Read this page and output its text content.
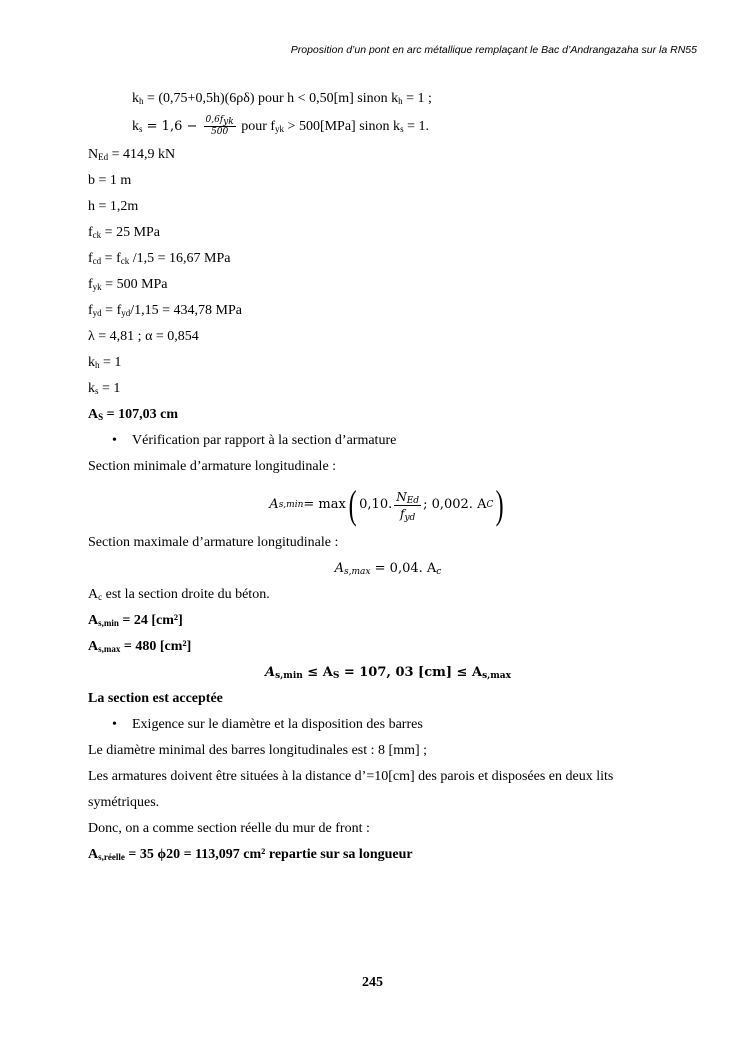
Proposition d’un pont en arc métallique remplaçant le Bac d’Andrangazaha sur la RN55
$k_h = (0,75+0,5h)(6\rho\delta)$ pour h < 0,50[m] sinon $k_h = 1$ ;
$k_s = 1,6 - \frac{0,6f_{yk}}{500}$ pour $f_{yk} > 500[MPa]$ sinon $k_s = 1$.
$N_{Ed} = 414,9$ kN
b = 1 m
h = 1,2m
$f_{ck} = 25$ MPa
$f_{cd} = f_{ck}$ /1,5 = 16,67 MPa
$f_{yk} = 500$ MPa
$f_{yd} = f_{yd}/1,15 = 434,78$ MPa
λ = 4,81 ; α = 0,854
$k_h = 1$
$k_s = 1$
$A_S = 107,03$ cm
• Vérification par rapport à la section d’armature
Section minimale d’armature longitudinale :
A s,min = max ( 0,10. $\frac{N_{Ed}}{f_{yd}}$ ; 0,002. A C )
Section maximale d’armature longitudinale :
$A_{s,max} = 0,04$. $A_c$
$A_c$ est la section droite du béton.
$A_{s,min} = 24$ [cm²]
$A_{s,max} = 480$ [cm²]
$A_{s,min} \le A_S = 107$, 03 $[cm] \le A_{s,max}$
La section est acceptée
• Exigence sur le diamètre et la disposition des barres
Le diamètre minimal des barres longitudinales est : 8 [mm] ;
Les armatures doivent être situées à la distance d’=10[cm] des parois et disposées en deux lits
symétriques.
Donc, on a comme section réelle du mur de front :
$A_{s,réelle} = 35$ ϕ20 = 113,097 cm² repartie sur sa longueur
245
